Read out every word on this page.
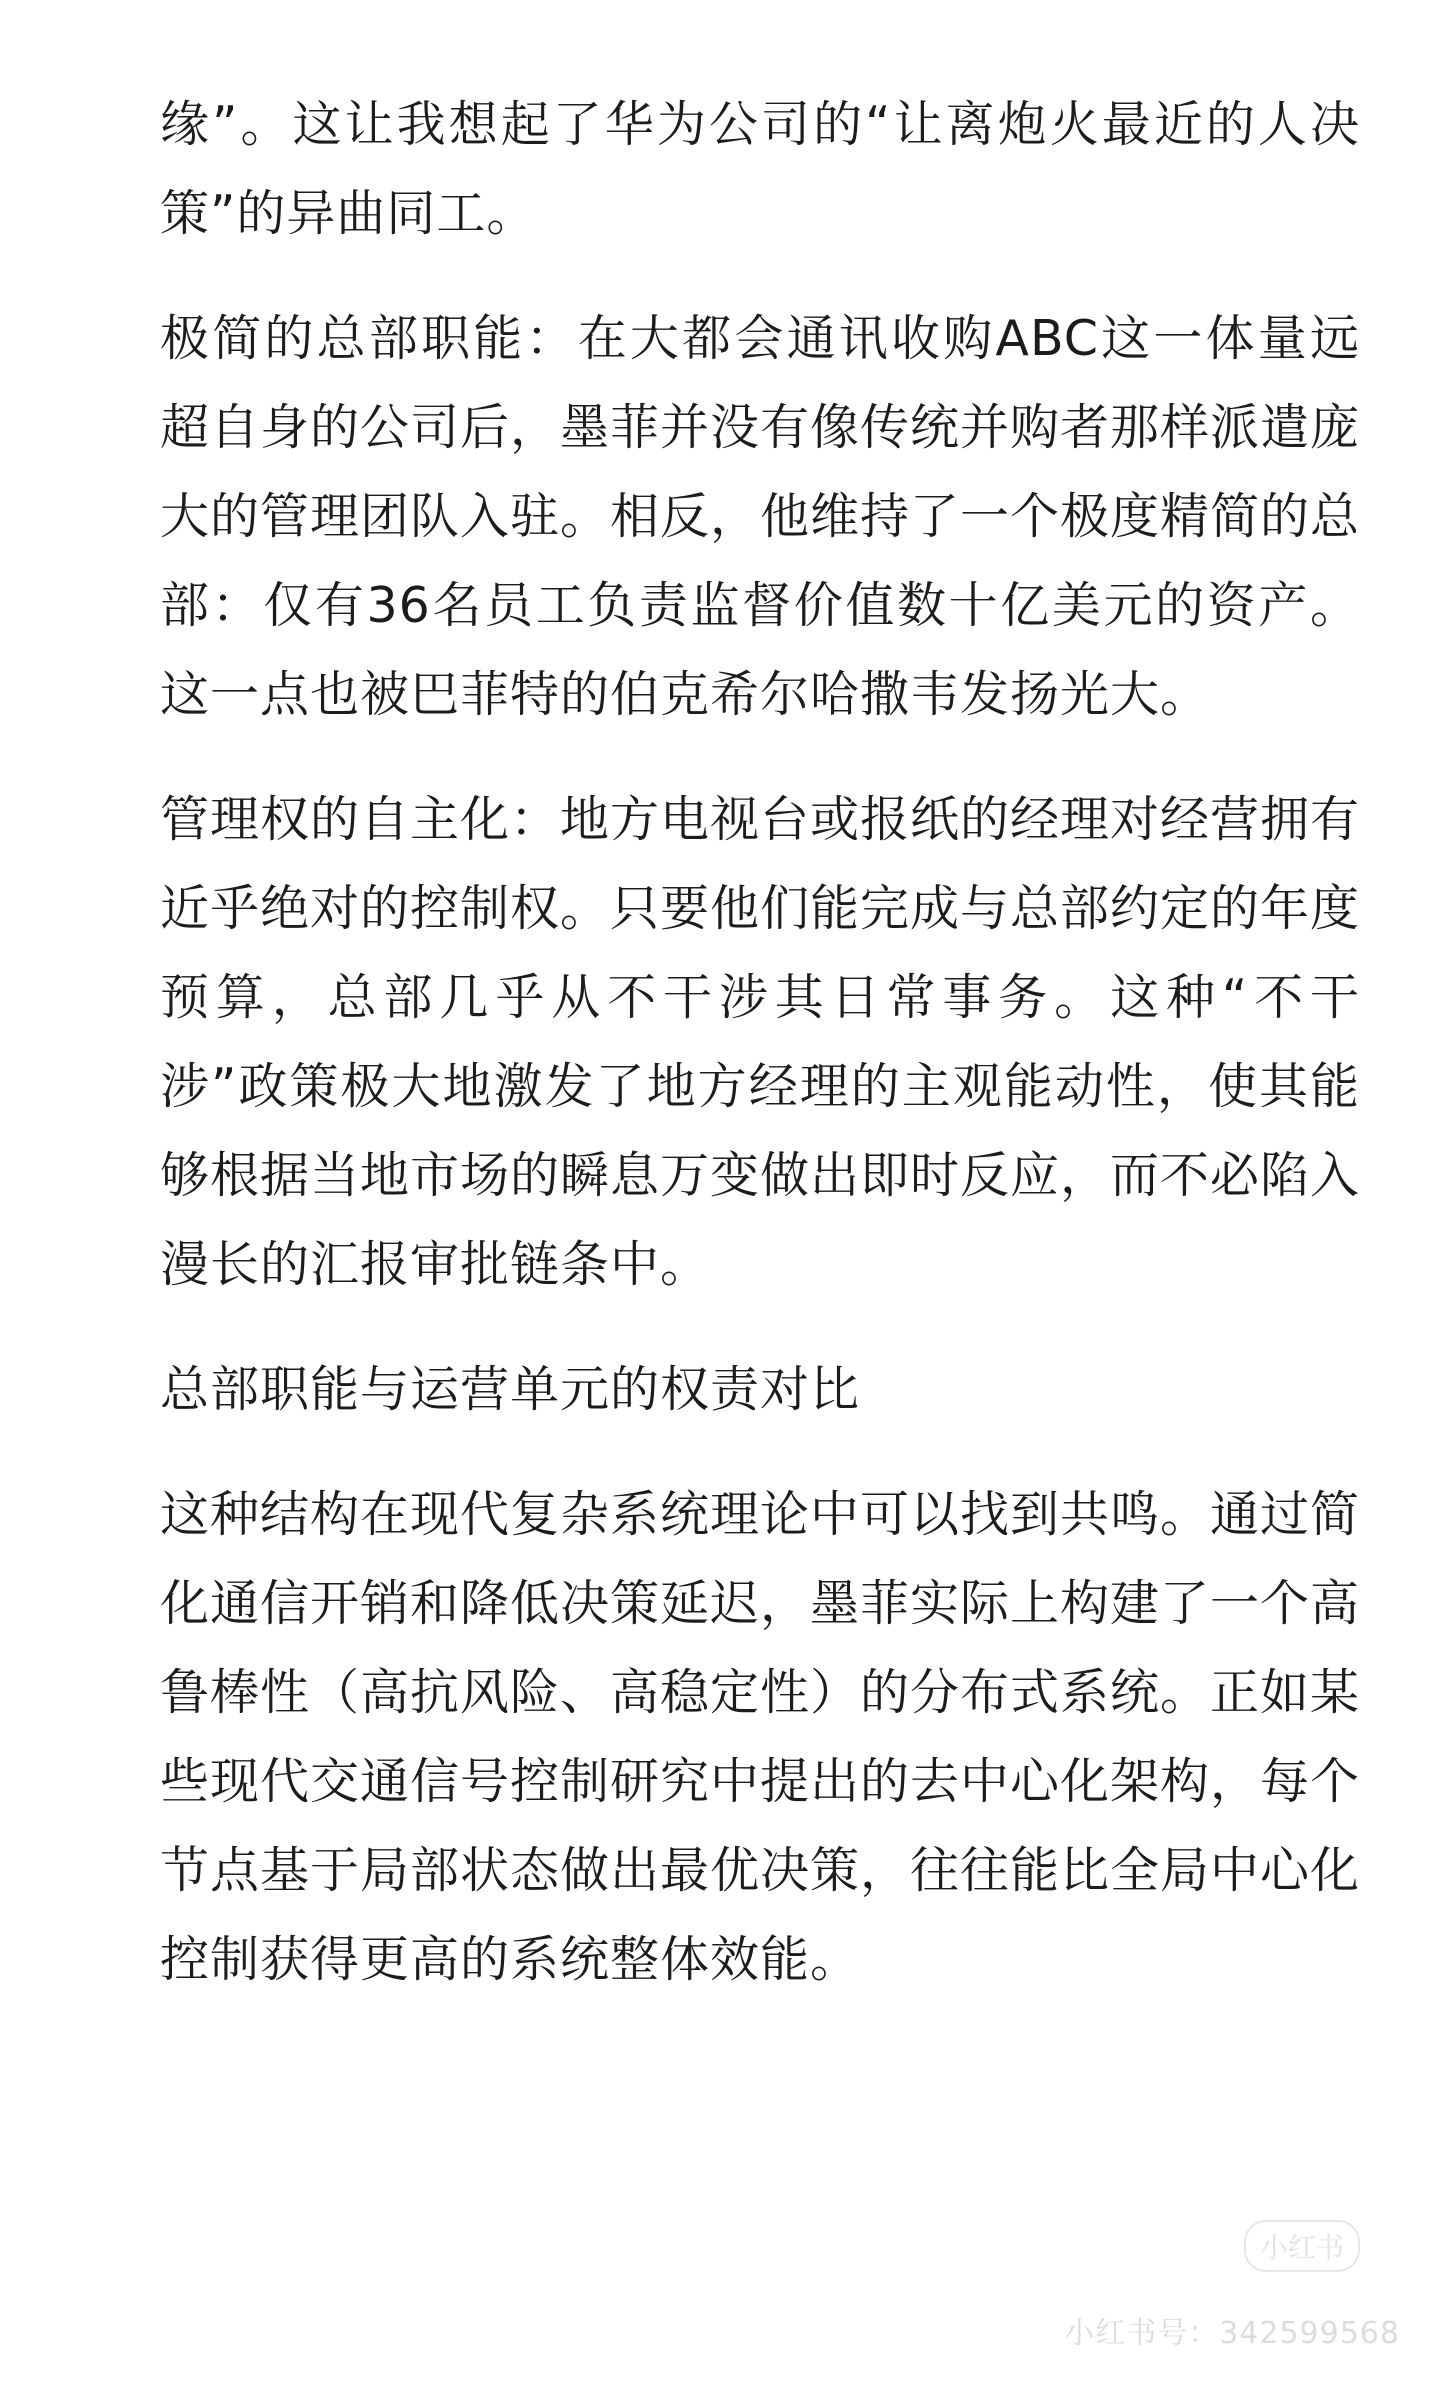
缘”。这让我想起了华为公司的“让离炮火最近的人决策”的异曲同工。

极简的总部职能：在大都会通讯收购ABC这一体量远超自身的公司后，墨菲并没有像传统并购者那样派遣庞大的管理团队入驻。相反，他维持了一个极度精简的总部：仅有36名员工负责监督价值数十亿美元的资产。这一点也被巴菲特的伯克希尔哈撒韦发扬光大。

管理权的自主化：地方电视台或报纸的经理对经营拥有近乎绝对的控制权。只要他们能完成与总部约定的年度预算，总部几乎从不干涉其日常事务。这种“不干涉”政策极大地激发了地方经理的主观能动性，使其能够根据当地市场的瞬息万变做出即时反应，而不必陷入漫长的汇报审批链条中。

总部职能与运营单元的权责对比

这种结构在现代复杂系统理论中可以找到共鸣。通过简化通信开销和降低决策延迟，墨菲实际上构建了一个高鲁棒性（高抗风险、高稳定性）的分布式系统。正如某些现代交通信号控制研究中提出的去中心化架构，每个节点基于局部状态做出最优决策，往往能比全局中心化控制获得更高的系统整体效能。

小红书
小红书号：342599568
